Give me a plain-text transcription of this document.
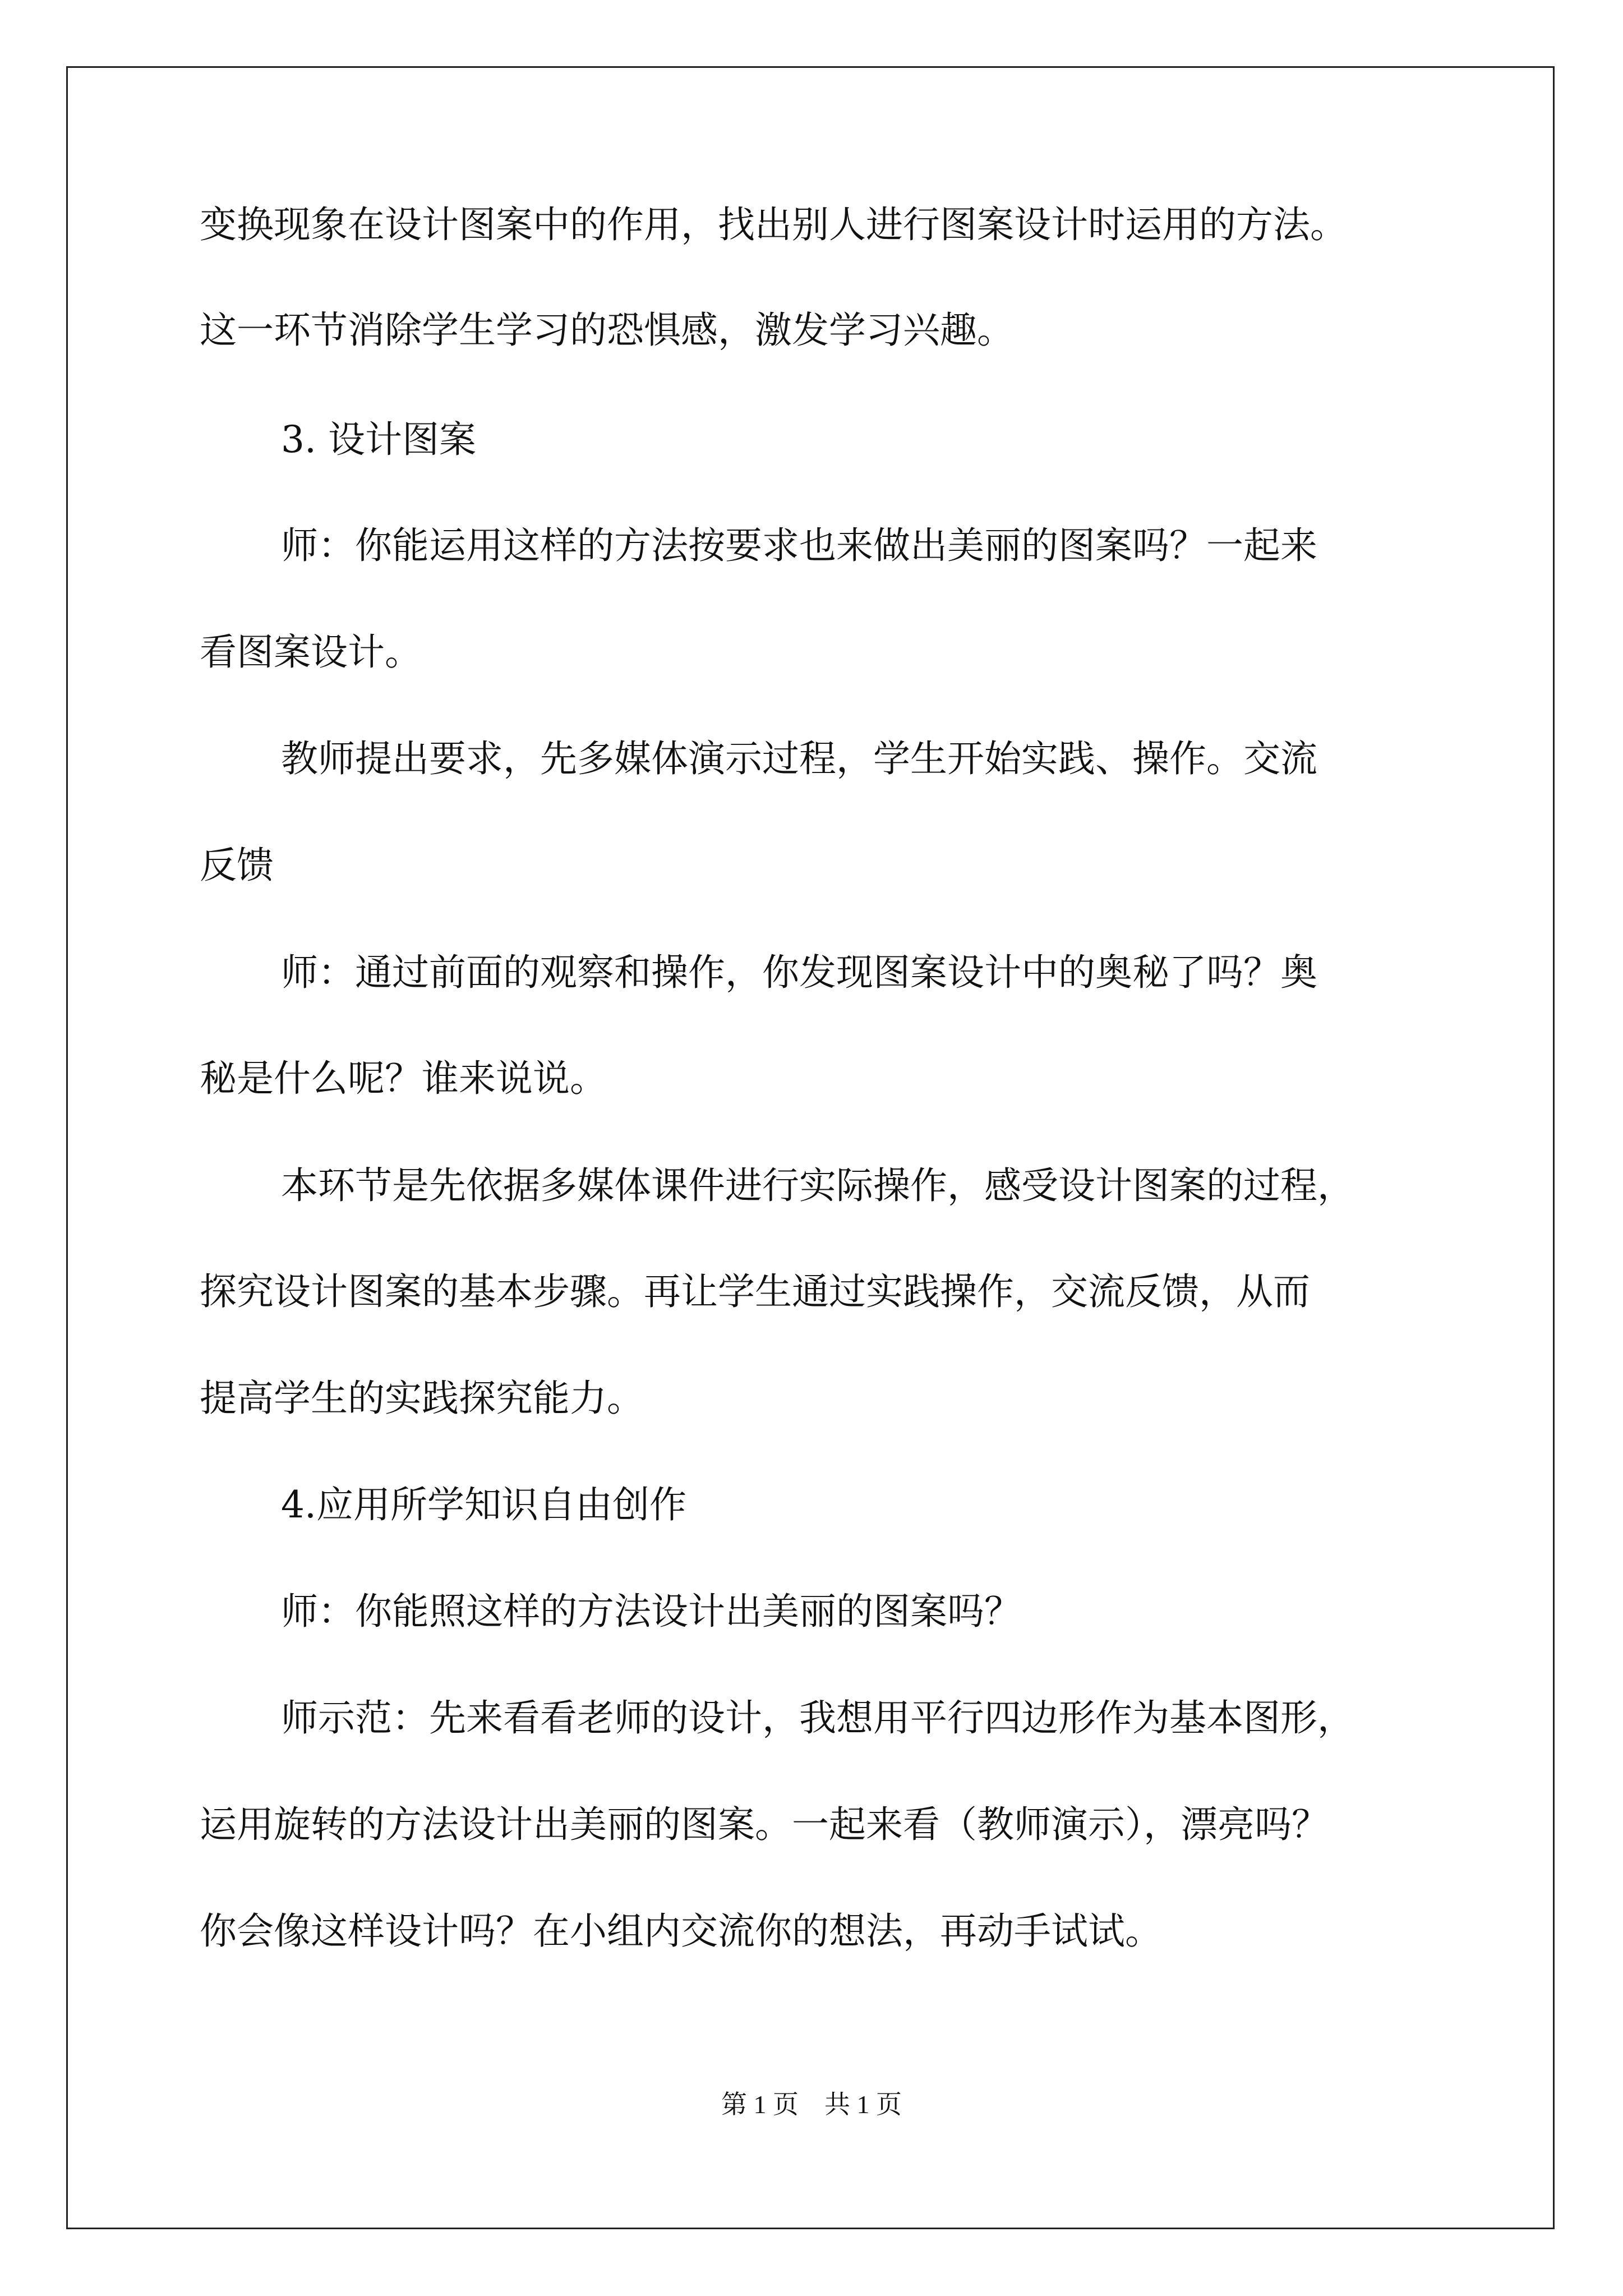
变换现象在设计图案中的作用，找出别人进行图案设计时运用的方法。
这一环节消除学生学习的恐惧感，激发学习兴趣。
3. 设计图案
师：你能运用这样的方法按要求也来做出美丽的图案吗？一起来
看图案设计。
教师提出要求，先多媒体演示过程，学生开始实践、操作。交流
反馈
师：通过前面的观察和操作，你发现图案设计中的奥秘了吗？奥
秘是什么呢？谁来说说。
本环节是先依据多媒体课件进行实际操作，感受设计图案的过程，
探究设计图案的基本步骤。再让学生通过实践操作，交流反馈，从而
提高学生的实践探究能力。
4.应用所学知识自由创作
师：你能照这样的方法设计出美丽的图案吗？
师示范：先来看看老师的设计，我想用平行四边形作为基本图形，
运用旋转的方法设计出美丽的图案。一起来看（教师演示），漂亮吗？
你会像这样设计吗？在小组内交流你的想法，再动手试试。
第 1 页　共 1 页
